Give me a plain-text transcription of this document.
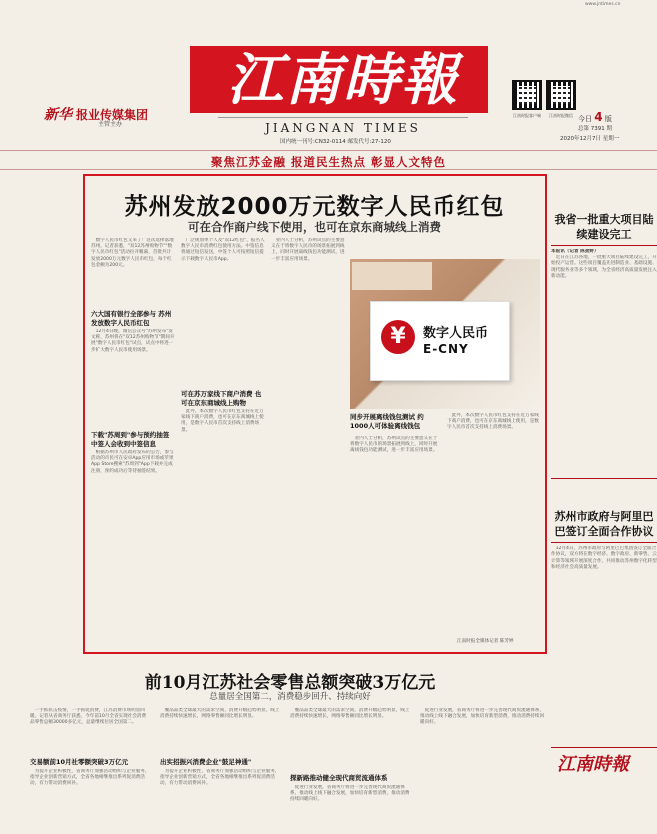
www.jntimes.cn
新华 报业传媒集团
主管主办
江南時報
JIANGNAN TIMES
江南时报客户端	江南时报微信 今日 4 版
总第 7391 期
2020年12月7日 星期一
国内统一刊号:CN32-0114 邮发代号:27-120
聚焦江苏金融 报道民生热点 彰显人文特色
苏州发放2000万元数字人民币红包
可在合作商户线下使用，也可在京东商城线上消费
数字人民币红包又来了！这次选择落地苏州。记者获悉，"双12苏州购物节""数字人民币红包"活动拉开帷幕，首批共计发放2000万元数字人民币红包，每个红包金额为200元。
六大国有银行全部参与 苏州发放数字人民币红包
12月4日晚，微信公众号"苏州发布"发文称，苏州将在"双12苏州购物节"期间开展"数字人民币红包"试点，试点中将进一步扩大数字人民币使用场景。
下载"苏周到"参与预约抽签 中签人会收到中签信息
根据苏州市人民政府发布的公告，参与活动的市民可在安卓App应用市场或苹果App Store搜索"苏周到"App下载并完成注册，预约成功后等待抽签结果。
广泛规划单个人及"双12红包"，报名人数字人民币消费红包使用方法。中签信息将通过短信发送，中签个人可按照短信提示下载数字人民币App。
可在苏万家线下商户消费 也可在京东商城线上购物
此外，本次数字人民币红包支持在近万家线下商户消费，也可在京东商城线上使用，是数字人民币首次支持线上消费场景。
业内人士分析，苏州试点的主要意义在于将数字人民币的场景拓展到线上，同时开展离线钱包功能测试，进一步丰富应用场景。
¥	数字人民币
E-CNY
同步开展离线钱包测试 约1000人可体验离线钱包
业内人士分析，苏州试点的主要意义在于将数字人民币的场景拓展到线上，同时开展离线钱包功能测试，进一步丰富应用场景。
此外，本次数字人民币红包支持在近万家线下商户消费，也可在京东商城线上使用，是数字人民币首次支持线上消费场景。
江南时报全媒体记者 陈芳婷
我省一批重大项目陆续建设完工
本报讯（记者 陈劲野）
近日在江苏各地，一批重大项目陆续建设完工，开始投产运营。这些项目覆盖先进制造业、基础设施、现代服务业等多个领域，为全省经济高质量发展注入新动能。
苏州市政府与阿里巴巴签订全面合作协议
12月4日，苏州市政府与阿里巴巴集团签订全面合作协议，双方将在数字经济、数字政府、新零售、云计算等领域开展深度合作，共同推动苏州数字化转型和经济社会高质量发展。
江南時報
前10月江苏社会零售总额突破3万亿元
总量居全国第二，消费稳步回升、持续向好
一手抓抗击疫情，一手抓促消费，江苏消费市场明显回暖。记者从省商务厅获悉，今年前10月全省实现社会消费品零售总额30000多亿元，总量继续位居全国第二。
交易额前10月社零额突破3万亿元
为提升企业积极性，省商务厅加强活动组织与企业服务，指导企业创新营销方式，全省各地相继推出系列促消费活动，有力带动消费回补。
餐品品类全球最大的需求空间，消费升级趋势明显，线上消费持续快速增长，网络零售额同比增长明显。
出实招振兴消费企业"鼓足神通"
为提升企业积极性，省商务厅加强活动组织与企业服务，指导企业创新营销方式，全省各地相继推出系列促消费活动，有力带动消费回补。
餐品品类全球最大的需求空间，消费升级趋势明显，线上消费持续快速增长，网络零售额同比增长明显。
探新路推动健全现代商贸流通体系
促进行业发展，省商务厅将进一步完善现代商贸流通体系，推动线上线下融合发展，加快培育新型消费，推动消费持续回暖向好。
促进行业发展，省商务厅将进一步完善现代商贸流通体系，推动线上线下融合发展，加快培育新型消费，推动消费持续回暖向好。
